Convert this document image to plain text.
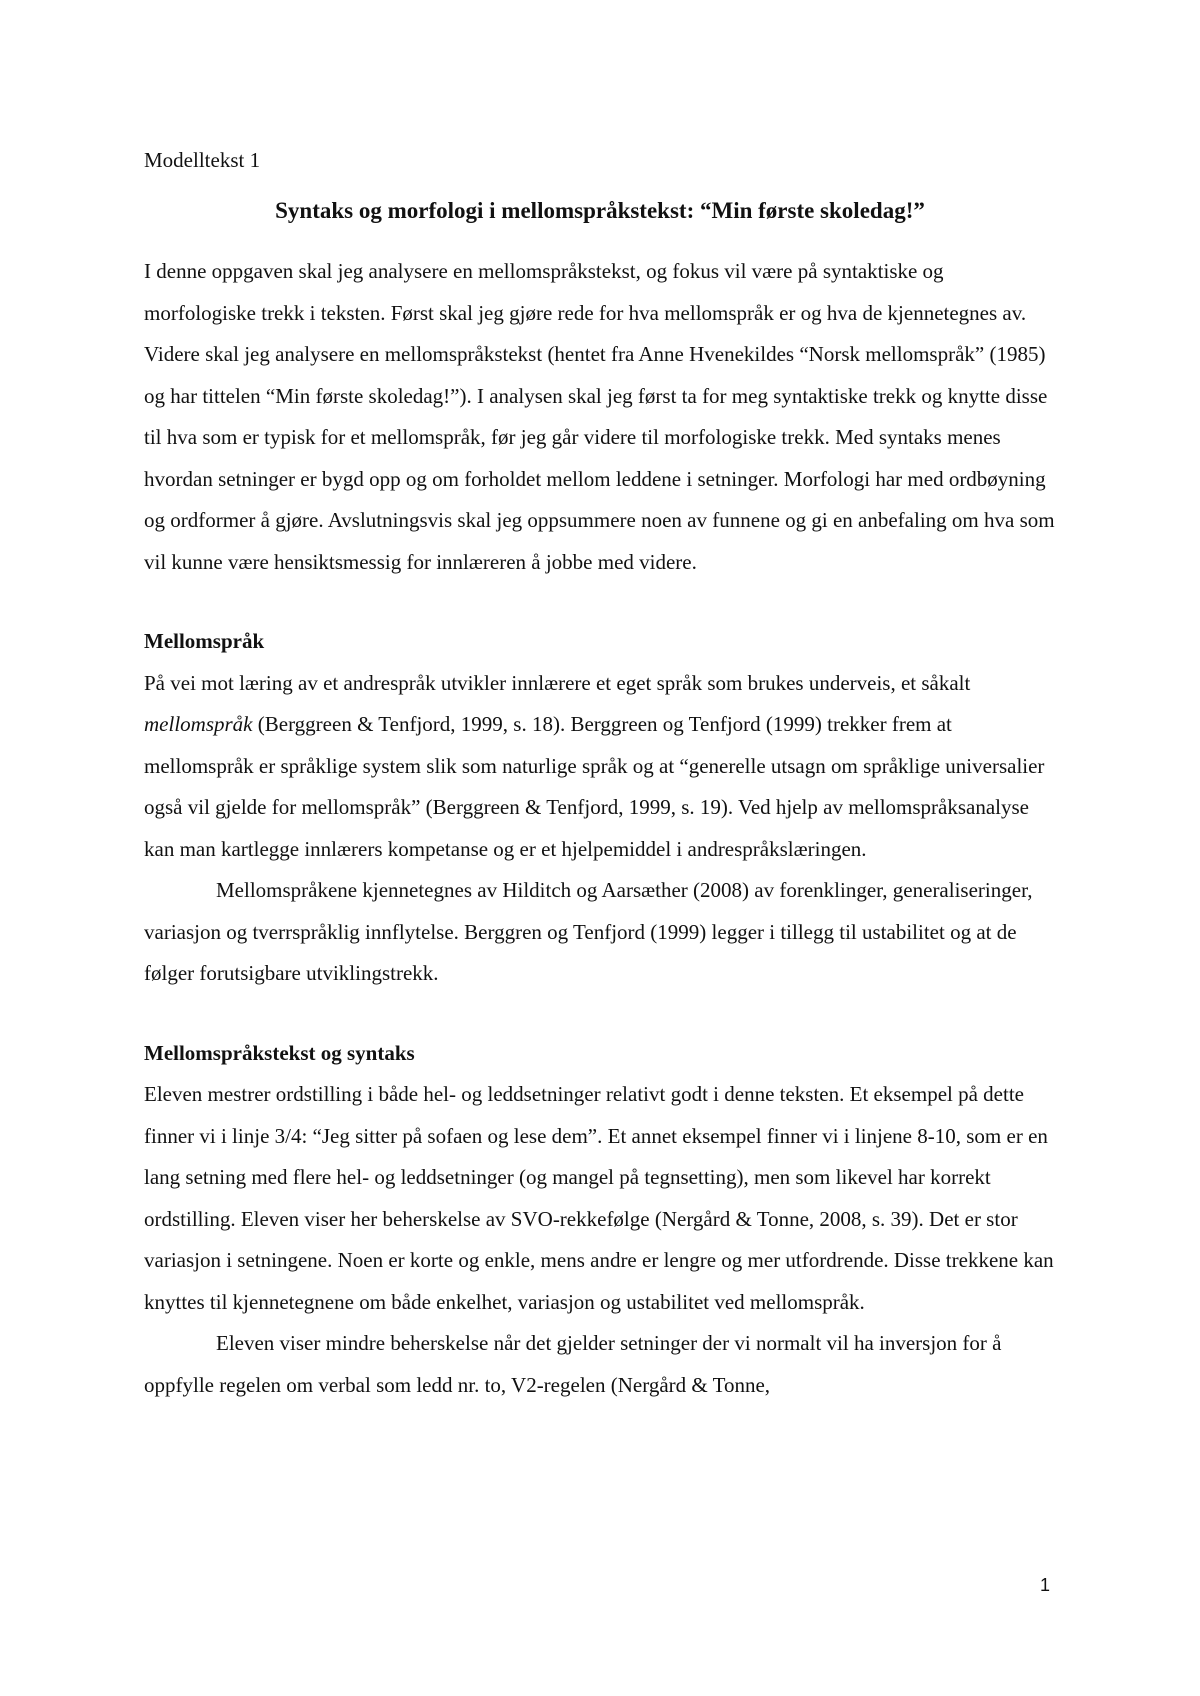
Modelltekst 1

Syntaks og morfologi i mellomspråkstekst: “Min første skoledag!”

I denne oppgaven skal jeg analysere en mellomspråkstekst, og fokus vil være på syntaktiske og morfologiske trekk i teksten. Først skal jeg gjøre rede for hva mellomspråk er og hva de kjennetegnes av. Videre skal jeg analysere en mellomspråkstekst (hentet fra Anne Hvenekildes “Norsk mellomspråk” (1985) og har tittelen “Min første skoledag!”). I analysen skal jeg først ta for meg syntaktiske trekk og knytte disse til hva som er typisk for et mellomspråk, før jeg går videre til morfologiske trekk. Med syntaks menes hvordan setninger er bygd opp og om forholdet mellom leddene i setninger. Morfologi har med ordbøyning og ordformer å gjøre. Avslutningsvis skal jeg oppsummere noen av funnene og gi en anbefaling om hva som vil kunne være hensiktsmessig for innlæreren å jobbe med videre.

Mellomspråk

På vei mot læring av et andrespråk utvikler innlærere et eget språk som brukes underveis, et såkalt mellomspråk (Berggreen & Tenfjord, 1999, s. 18). Berggreen og Tenfjord (1999) trekker frem at mellomspråk er språklige system slik som naturlige språk og at “generelle utsagn om språklige universalier også vil gjelde for mellomspråk” (Berggreen & Tenfjord, 1999, s. 19). Ved hjelp av mellomspråksanalyse kan man kartlegge innlærers kompetanse og er et hjelpemiddel i andrespråkslæringen.

Mellomspråkene kjennetegnes av Hilditch og Aarsæther (2008) av forenklinger, generaliseringer, variasjon og tverrspråklig innflytelse. Berggren og Tenfjord (1999) legger i tillegg til ustabilitet og at de følger forutsigbare utviklingstrekk.

Mellomspråkstekst og syntaks

Eleven mestrer ordstilling i både hel- og leddsetninger relativt godt i denne teksten. Et eksempel på dette finner vi i linje 3/4: “Jeg sitter på sofaen og lese dem”. Et annet eksempel finner vi i linjene 8-10, som er en lang setning med flere hel- og leddsetninger (og mangel på tegnsetting), men som likevel har korrekt ordstilling. Eleven viser her beherskelse av SVO-rekkefølge (Nergård & Tonne, 2008, s. 39). Det er stor variasjon i setningene. Noen er korte og enkle, mens andre er lengre og mer utfordrende. Disse trekkene kan knyttes til kjennetegnene om både enkelhet, variasjon og ustabilitet ved mellomspråk.

Eleven viser mindre beherskelse når det gjelder setninger der vi normalt vil ha inversjon for å oppfylle regelen om verbal som ledd nr. to, V2-regelen (Nergård & Tonne,

1
